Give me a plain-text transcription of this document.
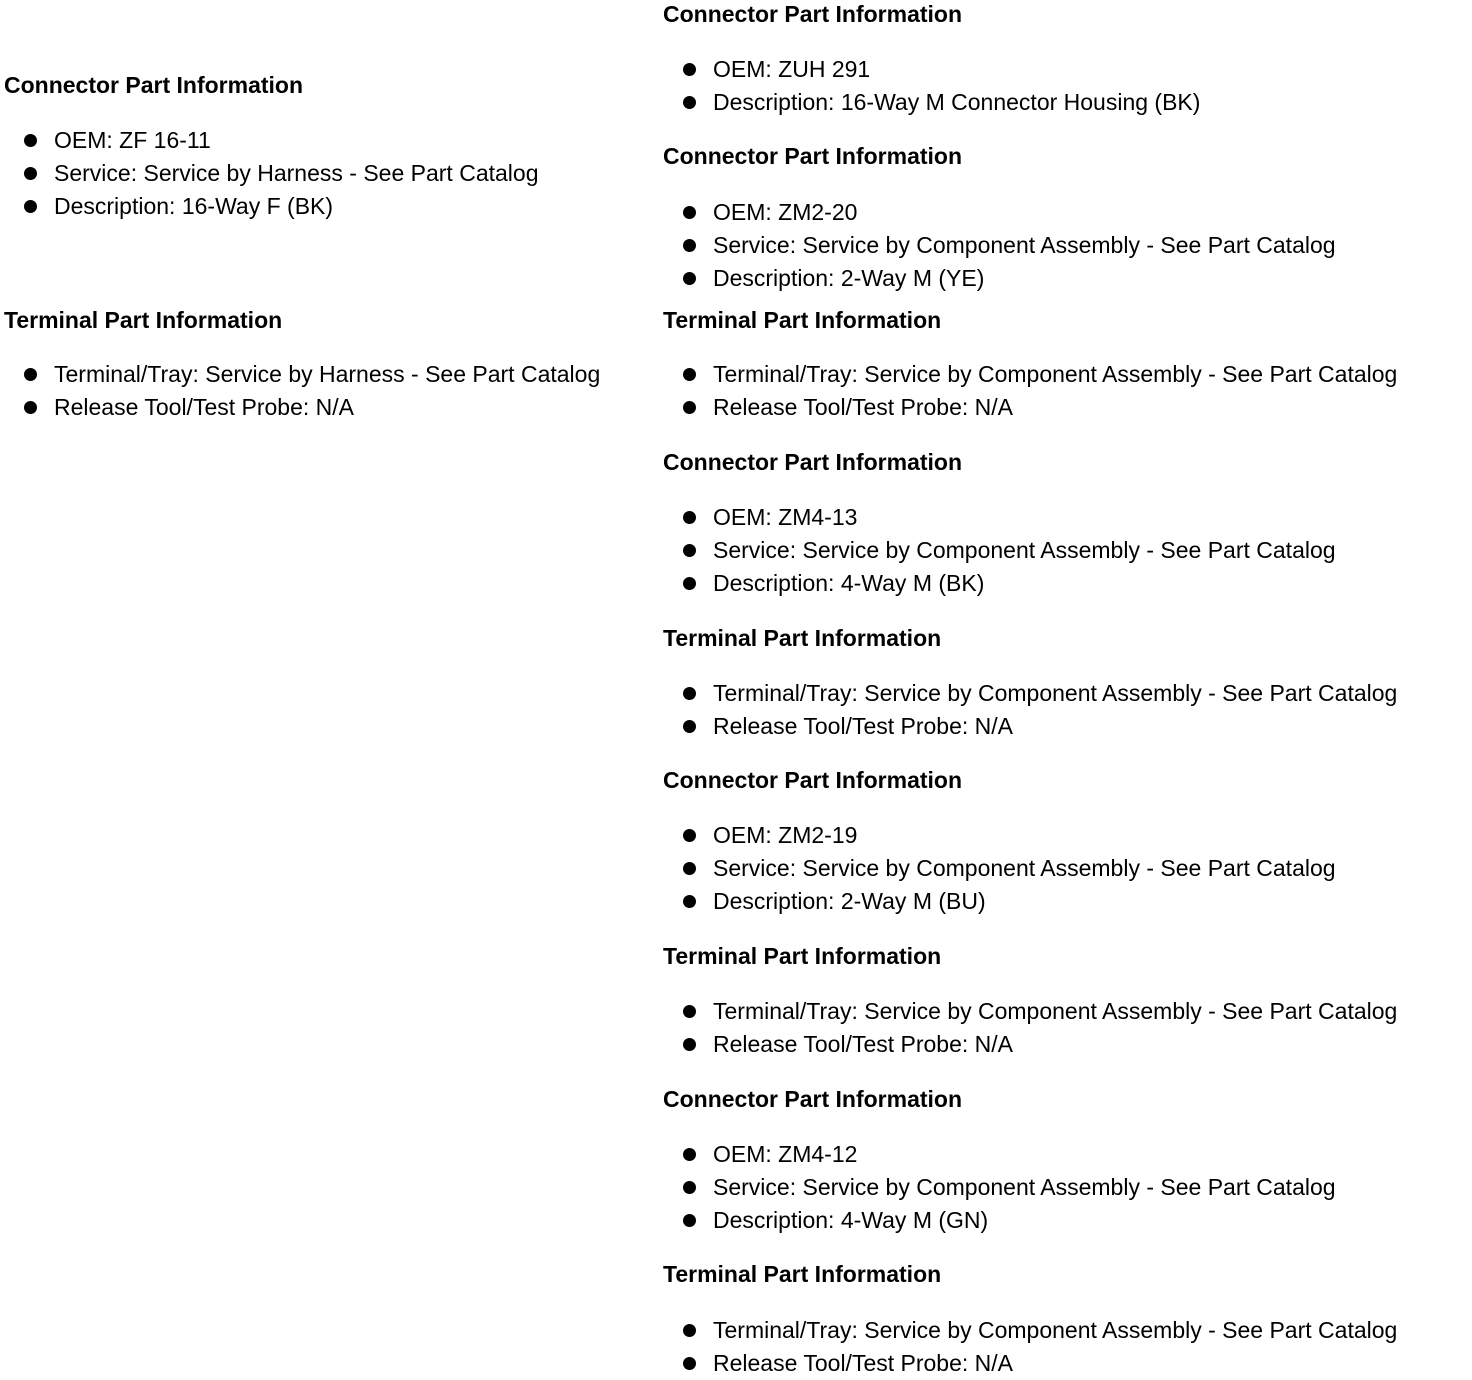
Connector Part Information
OEM: ZF 16-11
Service: Service by Harness - See Part Catalog
Description: 16-Way F (BK)
Terminal Part Information
Terminal/Tray: Service by Harness - See Part Catalog
Release Tool/Test Probe: N/A
Connector Part Information
OEM: ZUH 291
Description: 16-Way M Connector Housing (BK)
Connector Part Information
OEM: ZM2-20
Service: Service by Component Assembly - See Part Catalog
Description: 2-Way M (YE)
Terminal Part Information
Terminal/Tray: Service by Component Assembly - See Part Catalog
Release Tool/Test Probe: N/A
Connector Part Information
OEM: ZM4-13
Service: Service by Component Assembly - See Part Catalog
Description: 4-Way M (BK)
Terminal Part Information
Terminal/Tray: Service by Component Assembly - See Part Catalog
Release Tool/Test Probe: N/A
Connector Part Information
OEM: ZM2-19
Service: Service by Component Assembly - See Part Catalog
Description: 2-Way M (BU)
Terminal Part Information
Terminal/Tray: Service by Component Assembly - See Part Catalog
Release Tool/Test Probe: N/A
Connector Part Information
OEM: ZM4-12
Service: Service by Component Assembly - See Part Catalog
Description: 4-Way M (GN)
Terminal Part Information
Terminal/Tray: Service by Component Assembly - See Part Catalog
Release Tool/Test Probe: N/A
